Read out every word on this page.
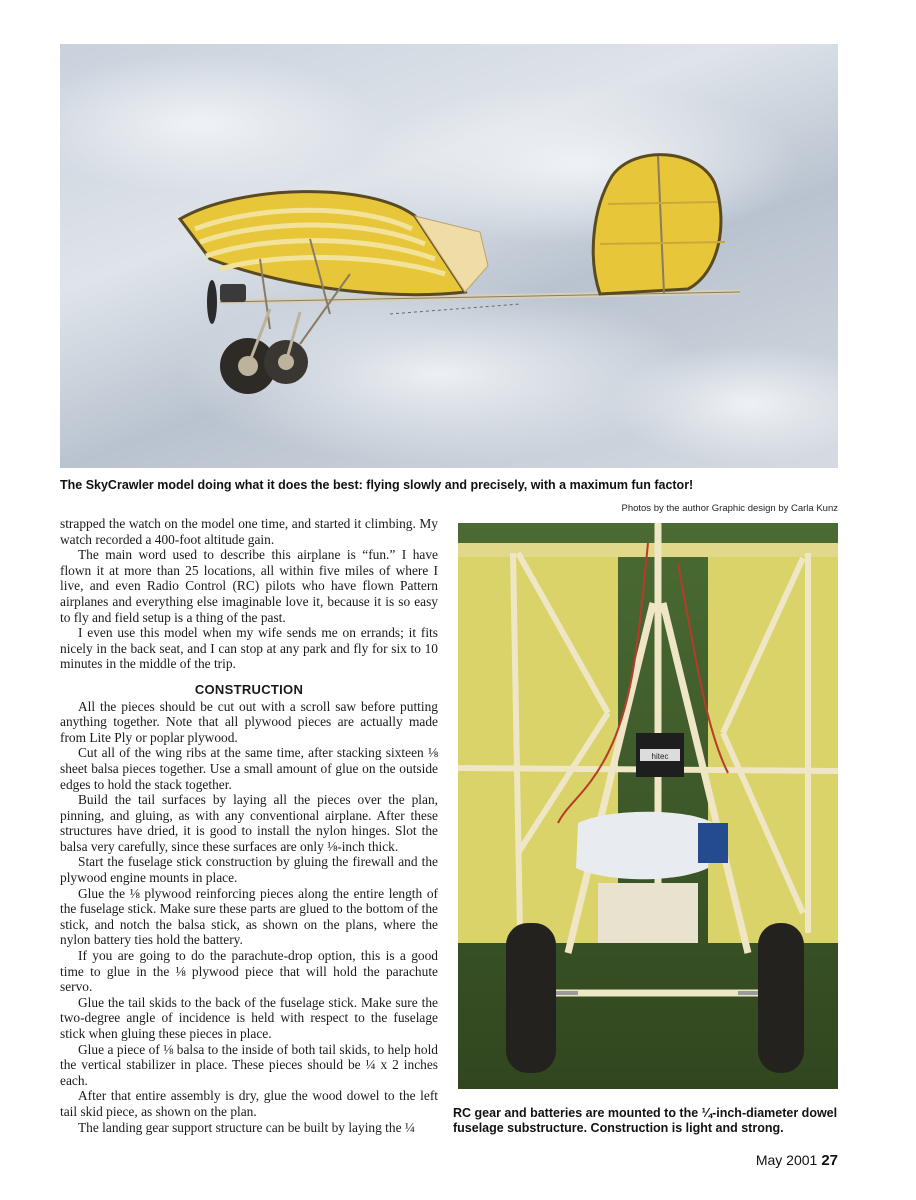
The SkyCrawler model doing what it does the best: flying slowly and precisely, with a maximum fun factor!
Photos by the author Graphic design by Carla Kunz

strapped the watch on the model one time, and started it climbing. My watch recorded a 400-foot altitude gain.

The main word used to describe this airplane is “fun.” I have flown it at more than 25 locations, all within five miles of where I live, and even Radio Control (RC) pilots who have flown Pattern airplanes and everything else imaginable love it, because it is so easy to fly and field setup is a thing of the past.

I even use this model when my wife sends me on errands; it fits nicely in the back seat, and I can stop at any park and fly for six to 10 minutes in the middle of the trip.

CONSTRUCTION

All the pieces should be cut out with a scroll saw before putting anything together. Note that all plywood pieces are actually made from Lite Ply or poplar plywood.

Cut all of the wing ribs at the same time, after stacking sixteen ⅛ sheet balsa pieces together. Use a small amount of glue on the outside edges to hold the stack together.

Build the tail surfaces by laying all the pieces over the plan, pinning, and gluing, as with any conventional airplane. After these structures have dried, it is good to install the nylon hinges. Slot the balsa very carefully, since these surfaces are only ⅛-inch thick.

Start the fuselage stick construction by gluing the firewall and the plywood engine mounts in place.

Glue the ⅛ plywood reinforcing pieces along the entire length of the fuselage stick. Make sure these parts are glued to the bottom of the stick, and notch the balsa stick, as shown on the plans, where the nylon battery ties hold the battery.

If you are going to do the parachute-drop option, this is a good time to glue in the ⅛ plywood piece that will hold the parachute servo.

Glue the tail skids to the back of the fuselage stick. Make sure the two-degree angle of incidence is held with respect to the fuselage stick when gluing these pieces in place.

Glue a piece of ⅛ balsa to the inside of both tail skids, to help hold the vertical stabilizer in place. These pieces should be ¼ x 2 inches each.

After that entire assembly is dry, glue the wood dowel to the left tail skid piece, as shown on the plan.

The landing gear support structure can be built by laying the ¼

hitec
RC gear and batteries are mounted to the ¼-inch-diameter dowel fuselage substructure. Construction is light and strong.
May 2001 27
